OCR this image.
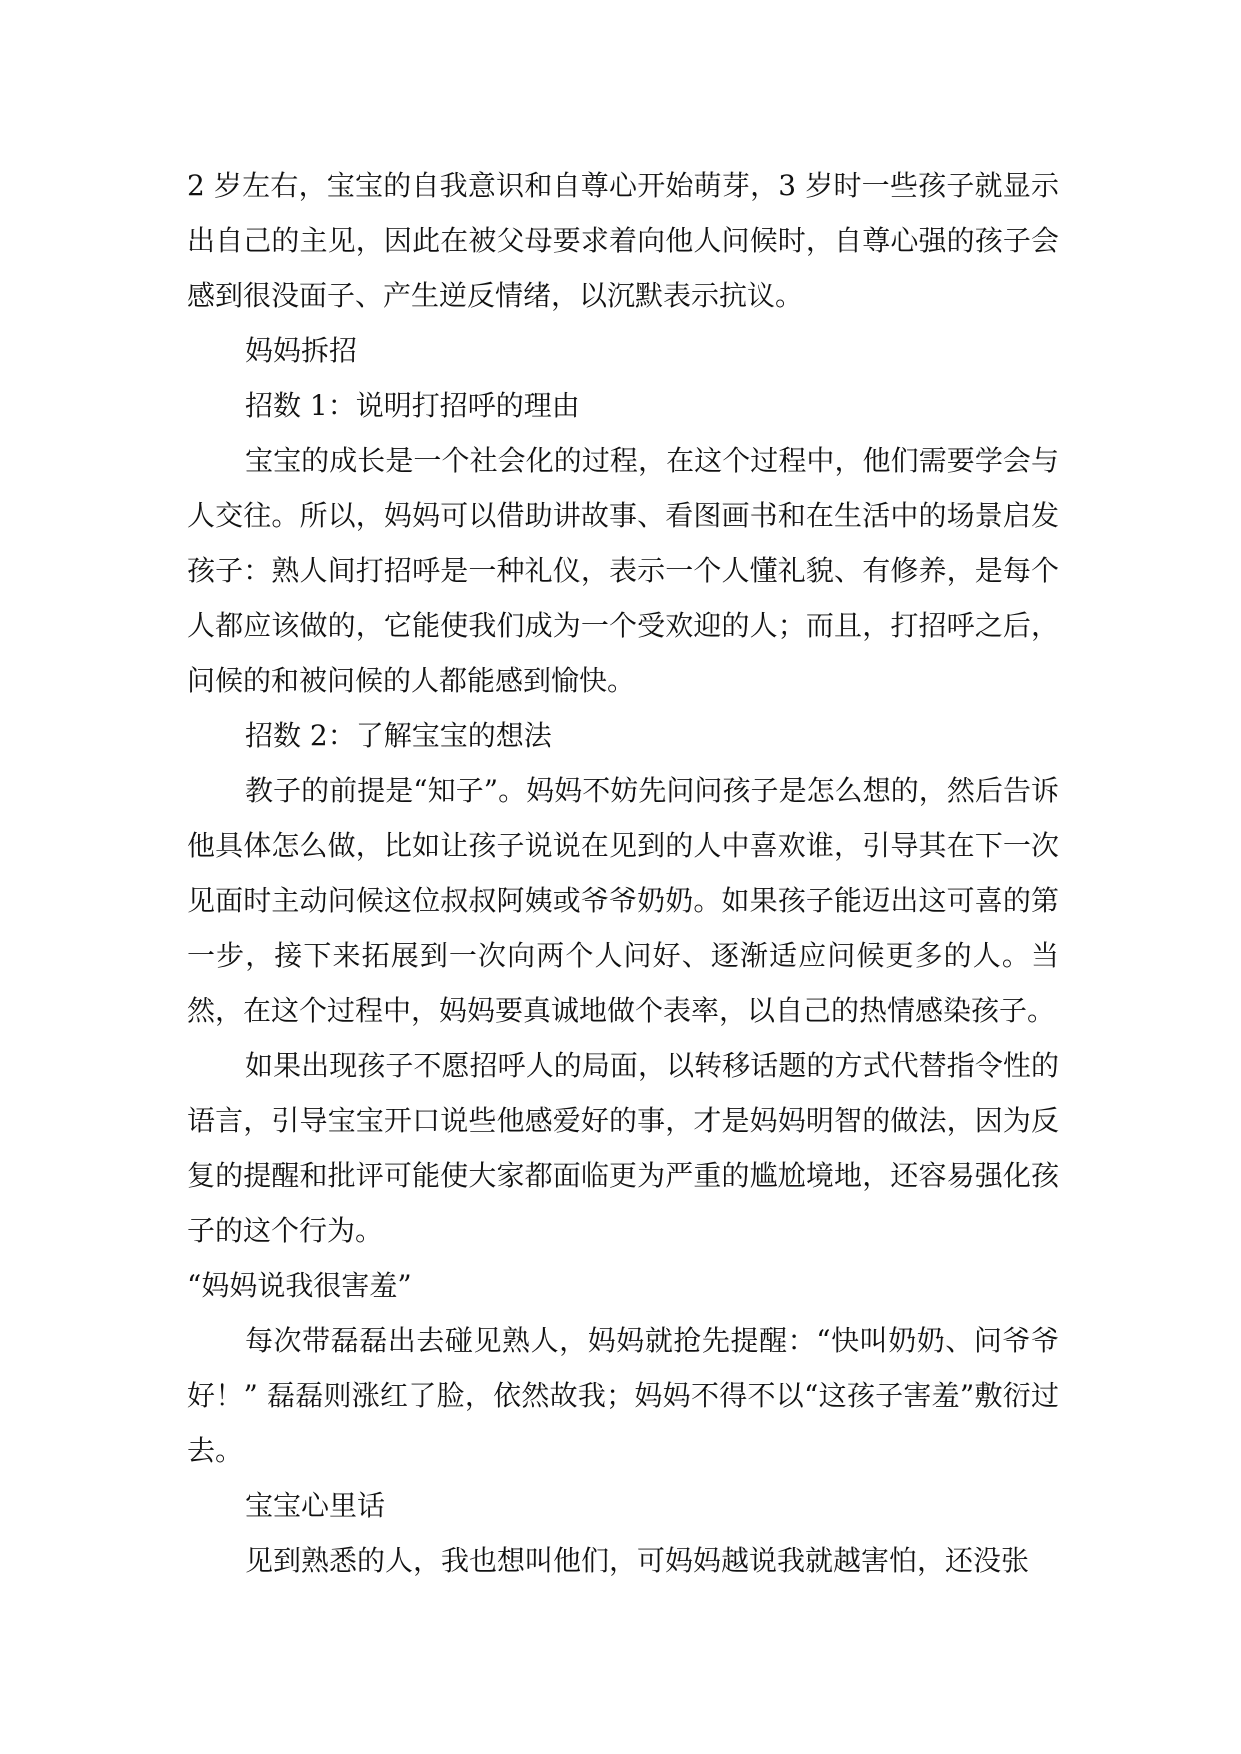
2 岁左右，宝宝的自我意识和自尊心开始萌芽，3 岁时一些孩子就显示出自己的主见，因此在被父母要求着向他人问候时，自尊心强的孩子会感到很没面子、产生逆反情绪，以沉默表示抗议。

妈妈拆招

招数 1：说明打招呼的理由

宝宝的成长是一个社会化的过程，在这个过程中，他们需要学会与人交往。所以，妈妈可以借助讲故事、看图画书和在生活中的场景启发孩子：熟人间打招呼是一种礼仪，表示一个人懂礼貌、有修养，是每个人都应该做的，它能使我们成为一个受欢迎的人；而且，打招呼之后，问候的和被问候的人都能感到愉快。

招数 2：了解宝宝的想法

教子的前提是“知子”。妈妈不妨先问问孩子是怎么想的，然后告诉他具体怎么做，比如让孩子说说在见到的人中喜欢谁，引导其在下一次见面时主动问候这位叔叔阿姨或爷爷奶奶。如果孩子能迈出这可喜的第一步，接下来拓展到一次向两个人问好、逐渐适应问候更多的人。当然，在这个过程中，妈妈要真诚地做个表率，以自己的热情感染孩子。

如果出现孩子不愿招呼人的局面，以转移话题的方式代替指令性的语言，引导宝宝开口说些他感爱好的事，才是妈妈明智的做法，因为反复的提醒和批评可能使大家都面临更为严重的尴尬境地，还容易强化孩子的这个行为。

“妈妈说我很害羞”

每次带磊磊出去碰见熟人，妈妈就抢先提醒：“快叫奶奶、问爷爷好！” 磊磊则涨红了脸，依然故我；妈妈不得不以“这孩子害羞”敷衍过去。

宝宝心里话

见到熟悉的人，我也想叫他们，可妈妈越说我就越害怕，还没张
